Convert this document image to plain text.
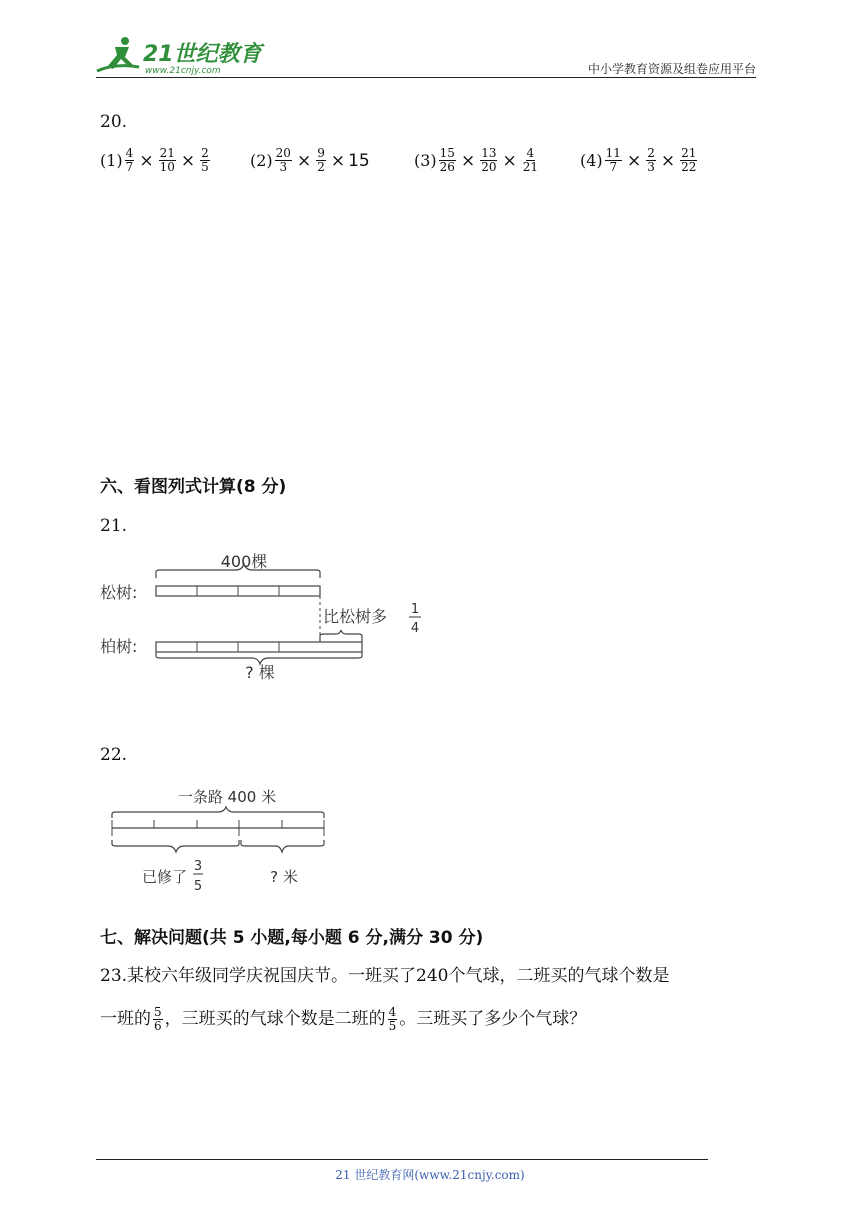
21世纪教育
www.21cnjy.com	中小学教育资源及组卷应用平台
20.
$(1) \frac{4}{7} \times \frac{21}{10} \times \frac{2}{5}$	$(2) \frac{20}{3} \times \frac{9}{2} \times 15$	$(3) \frac{15}{26} \times \frac{13}{20} \times \frac{4}{21}$	$(4) \frac{11}{7} \times \frac{2}{3} \times \frac{21}{22}$
六、看图列式计算(8 分)
21.
400棵
松树:
比松树多 1
4
柏树:
? 棵
22.
一条路 400 米
已修了
3
5
? 米
七、解决问题(共 5 小题,每小题 6 分,满分 30 分)
23.某校六年级同学庆祝国庆节。一班买了240个气球，二班买的气球个数是
一班的 $\frac{5}{6}$ ，三班买的气球个数是二班的 $\frac{4}{5}$ 。三班买了多少个气球？
21 世纪教育网(www.21cnjy.com)
